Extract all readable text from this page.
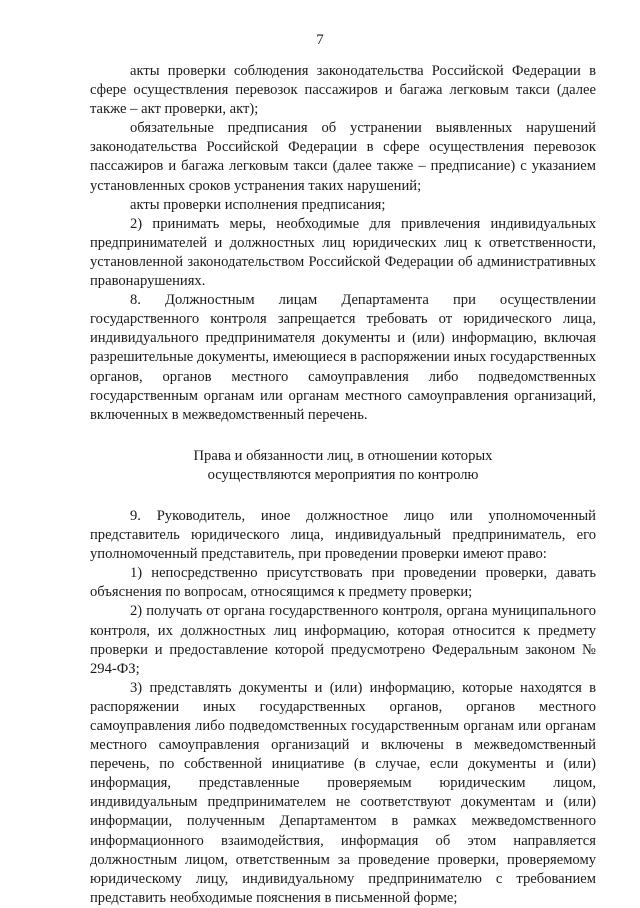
7

акты проверки соблюдения законодательства Российской Федерации в сфере осуществления перевозок пассажиров и багажа легковым такси (далее также – акт проверки, акт);

обязательные предписания об устранении выявленных нарушений законодательства Российской Федерации в сфере осуществления перевозок пассажиров и багажа легковым такси (далее также – предписание) с указанием установленных сроков устранения таких нарушений;

акты проверки исполнения предписания;

2) принимать меры, необходимые для привлечения индивидуальных предпринимателей и должностных лиц юридических лиц к ответственности, установленной законодательством Российской Федерации об административных правонарушениях.

8. Должностным лицам Департамента при осуществлении государственного контроля запрещается требовать от юридического лица, индивидуального предпринимателя документы и (или) информацию, включая разрешительные документы, имеющиеся в распоряжении иных государственных органов, органов местного самоуправления либо подведомственных государственным органам или органам местного самоуправления организаций, включенных в межведомственный перечень.

Права и обязанности лиц, в отношении которых

осуществляются мероприятия по контролю

9. Руководитель, иное должностное лицо или уполномоченный представитель юридического лица, индивидуальный предприниматель, его уполномоченный представитель, при проведении проверки имеют право:

1) непосредственно присутствовать при проведении проверки, давать объяснения по вопросам, относящимся к предмету проверки;

2) получать от органа государственного контроля, органа муниципального контроля, их должностных лиц информацию, которая относится к предмету проверки и предоставление которой предусмотрено Федеральным законом № 294-ФЗ;

3) представлять документы и (или) информацию, которые находятся в распоряжении иных государственных органов, органов местного самоуправления либо подведомственных государственным органам или органам местного самоуправления организаций и включены в межведомственный перечень, по собственной инициативе (в случае, если документы и (или) информация, представленные проверяемым юридическим лицом, индивидуальным предпринимателем не соответствуют документам и (или) информации, полученным Департаментом в рамках межведомственного информационного взаимодействия, информация об этом направляется должностным лицом, ответственным за проведение проверки, проверяемому юридическому лицу, индивидуальному предпринимателю с требованием представить необходимые пояснения в письменной форме;
